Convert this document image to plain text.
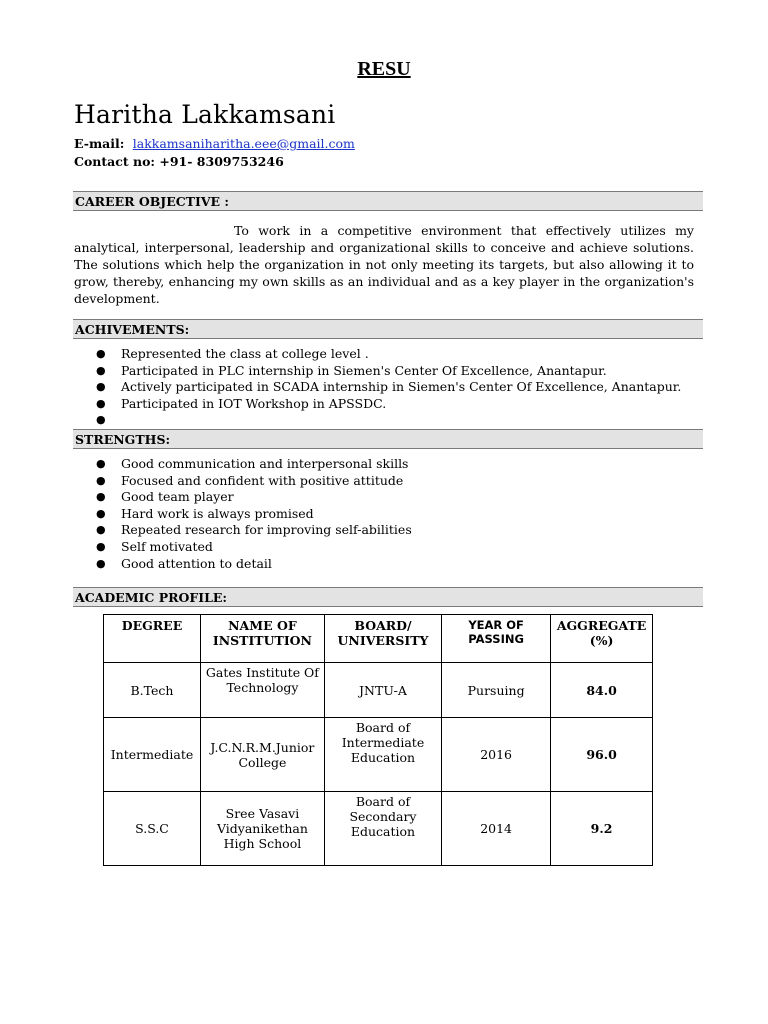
RESU
Haritha Lakkamsani
E-mail: lakkamsaniharitha.eee@gmail.com
Contact no: +91- 8309753246
CAREER OBJECTIVE :
To work in a competitive environment that effectively utilizes my analytical, interpersonal, leadership and organizational skills to conceive and achieve solutions. The solutions which help the organization in not only meeting its targets, but also allowing it to grow, thereby, enhancing my own skills as an individual and as a key player in the organization's development.
ACHIVEMENTS:
● Represented the class at college level .
● Participated in PLC internship in Siemen's Center Of Excellence, Anantapur.
● Actively participated in SCADA internship in Siemen's Center Of Excellence, Anantapur.
● Participated in IOT Workshop in APSSDC.
●
STRENGTHS:
● Good communication and interpersonal skills
● Focused and confident with positive attitude
● Good team player
● Hard work is always promised
● Repeated research for improving self-abilities
● Self motivated
● Good attention to detail
ACADEMIC PROFILE:
DEGREE	NAME OF INSTITUTION	BOARD/ UNIVERSITY	YEAR OF PASSING	AGGREGATE (%)
B.Tech	Gates Institute Of Technology	JNTU-A	Pursuing	84.0
Intermediate	J.C.N.R.M.Junior College	Board of Intermediate Education	2016	96.0
S.S.C	Sree Vasavi Vidyanikethan High School	Board of Secondary Education	2014	9.2
